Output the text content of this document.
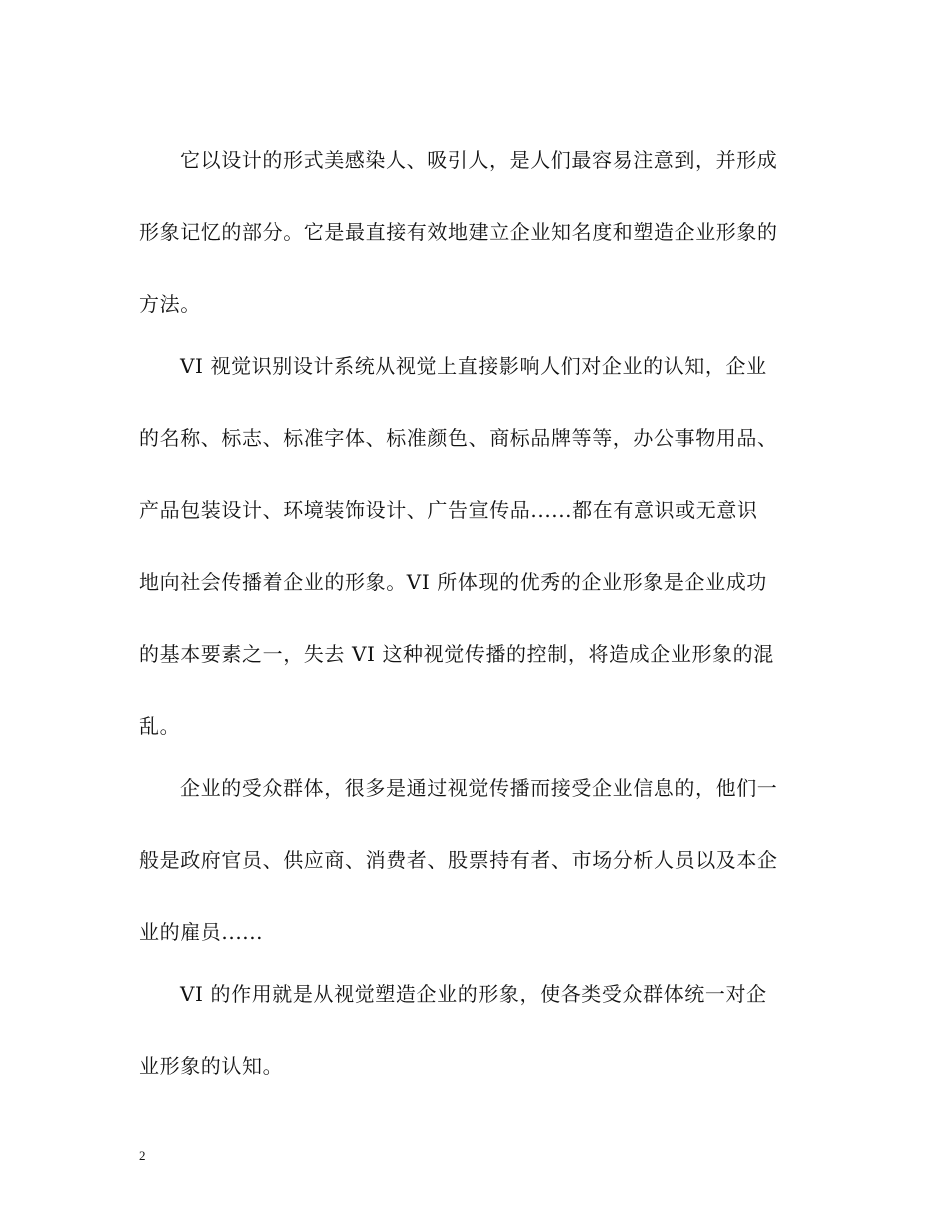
它以设计的形式美感染人、吸引人，是人们最容易注意到，并形成
形象记忆的部分。它是最直接有效地建立企业知名度和塑造企业形象的
方法。
VI 视觉识别设计系统从视觉上直接影响人们对企业的认知，企业
的名称、标志、标准字体、标准颜色、商标品牌等等，办公事物用品、
产品包装设计、环境装饰设计、广告宣传品......都在有意识或无意识
地向社会传播着企业的形象。VI 所体现的优秀的企业形象是企业成功
的基本要素之一，失去 VI 这种视觉传播的控制，将造成企业形象的混
乱。
企业的受众群体，很多是通过视觉传播而接受企业信息的，他们一
般是政府官员、供应商、消费者、股票持有者、市场分析人员以及本企
业的雇员......
VI 的作用就是从视觉塑造企业的形象，使各类受众群体统一对企
业形象的认知。
2
